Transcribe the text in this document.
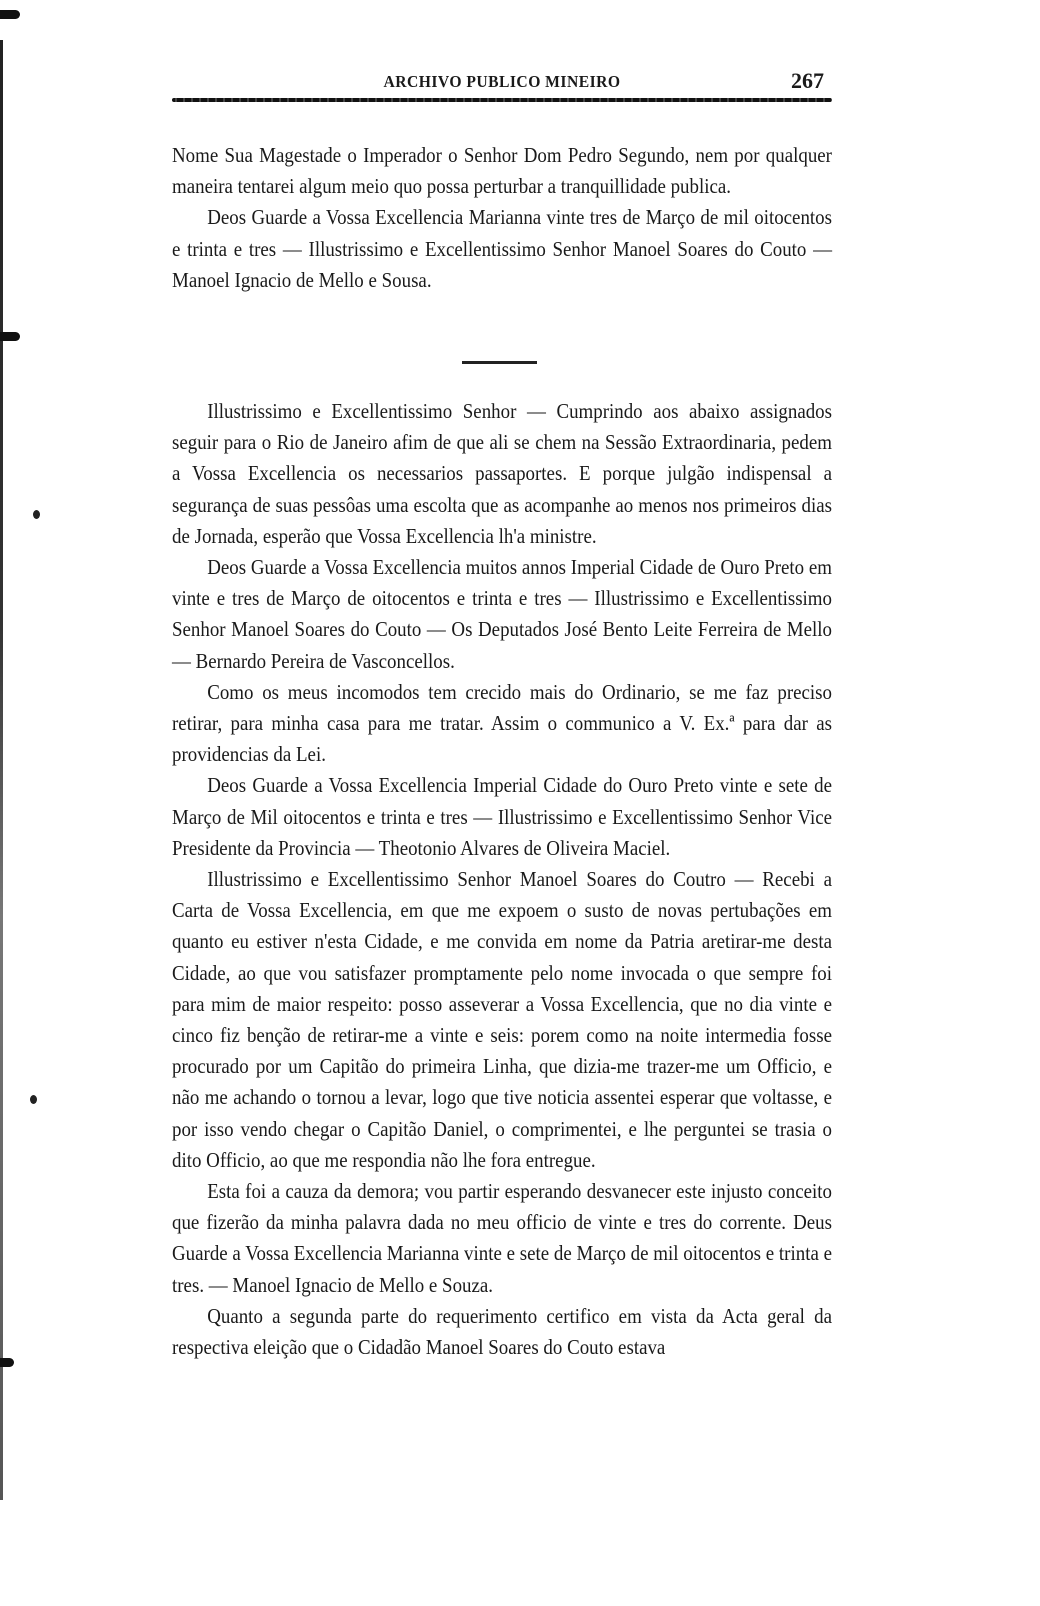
ARCHIVO PUBLICO MINEIRO	267

Nome Sua Magestade o Imperador o Senhor Dom Pedro Segundo, nem por qualquer maneira tentarei algum meio quo possa perturbar a tranquillidade publica.

Deos Guarde a Vossa Excellencia Marianna vinte tres de Março de mil oitocentos e trinta e tres — Illustrissimo e Excellentissimo Senhor Manoel Soares do Couto — Manoel Ignacio de Mello e Sousa.

Illustrissimo e Excellentissimo Senhor — Cumprindo aos abaixo assignados seguir para o Rio de Janeiro afim de que ali se chem na Sessão Extraordinaria, pedem a Vossa Excellencia os necessarios passaportes. E porque julgão indispensal a segurança de suas pessôas uma escolta que as acompanhe ao menos nos primeiros dias de Jornada, esperão que Vossa Excellencia lh'a ministre.

Deos Guarde a Vossa Excellencia muitos annos Imperial Cidade de Ouro Preto em vinte e tres de Março de oitocentos e trinta e tres — Illustrissimo e Excellentissimo Senhor Manoel Soares do Couto — Os Deputados José Bento Leite Ferreira de Mello — Bernardo Pereira de Vasconcellos.

Como os meus incomodos tem crecido mais do Ordinario, se me faz preciso retirar, para minha casa para me tratar. Assim o communico a V. Ex.ª para dar as providencias da Lei.

Deos Guarde a Vossa Excellencia Imperial Cidade do Ouro Preto vinte e sete de Março de Mil oitocentos e trinta e tres — Illustrissimo e Excellentissimo Senhor Vice Presidente da Provincia — Theotonio Alvares de Oliveira Maciel.

Illustrissimo e Excellentissimo Senhor Manoel Soares do Coutro — Recebi a Carta de Vossa Excellencia, em que me expoem o susto de novas pertubações em quanto eu estiver n'esta Cidade, e me convida em nome da Patria aretirar-me desta Cidade, ao que vou satisfazer promptamente pelo nome invocada o que sempre foi para mim de maior respeito: posso asseverar a Vossa Excellencia, que no dia vinte e cinco fiz benção de retirar-me a vinte e seis: porem como na noite intermedia fosse procurado por um Capitão do primeira Linha, que dizia-me trazer-me um Officio, e não me achando o tornou a levar, logo que tive noticia assentei esperar que voltasse, e por isso vendo chegar o Capitão Daniel, o comprimentei, e lhe perguntei se trasia o dito Officio, ao que me respondia não lhe fora entregue.

Esta foi a cauza da demora; vou partir esperando desvanecer este injusto conceito que fizerão da minha palavra dada no meu officio de vinte e tres do corrente. Deus Guarde a Vossa Excellencia Marianna vinte e sete de Março de mil oitocentos e trinta e tres. — Manoel Ignacio de Mello e Souza.

Quanto a segunda parte do requerimento certifico em vista da Acta geral da respectiva eleição que o Cidadão Manoel Soares do Couto estava
